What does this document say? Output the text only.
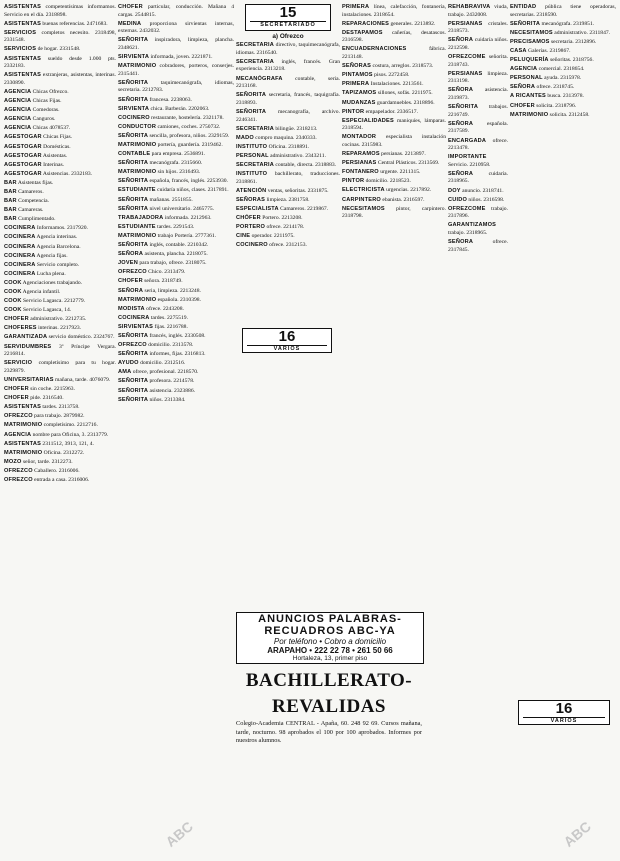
ASISTENTAS competentísimas informamos. Servicio en el día. 2318898.

ASISTENTAS buenas referencias. 2471683.

SERVICIOS completos necesito. 2318498, 2331548.

SERVICIOS de hogar. 2331548.

ASISTENTAS sueldo desde 1.000 pts. 2332183.

ASISTENTAS extranjeras, asistentas, interinas. 2330890.

AGENCIA Chicas Ofrezco.

AGENCIA Chicas Fijas.

AGENCIA Comedoras.

AGENCIA Canguros.

AGENCIA Chicas 4078537.

AGESTOGAR Chicas Fijas.

AGESTOGAR Domésticas.

AGESTOGAR Asistentas.

AGESTOGAR Interinas.

AGESTOGAR Asistencias. 2332183.

BAR Asistentas fijas.

BAR Camareros.

BAR Competencia.

BAR Camareras.

BAR Cumplimentado.

COCINERA Informamos. 2317920.

COCINERA Agencia interinas.

COCINERA Agencia Barcelona.

COCINERA Agencia fijas.

COCINERA Servicio completo.

COCINERA Lucha plena.

COOK Agenciaciones trabajando.

COOK Agencia infantil.

COOK Servicio Lagasca. 2212779.

COOK Servicio Lagasca, 14.

CHOFER administrativo. 2212735.

CHOFERES interinas. 2217923.

GARANTIZADA servicio doméstico. 2324767.

SERVIDUMBRES 3º Príncipe Vergara. 2216814.

SERVICIO completísimo para tu hogar. 2329879.

UNIVERSITARIAS mañana, tarde. 4076079.

CHOFER sin coche. 2215963.

CHOFER pide. 2316540.

ASISTENTAS tardes. 2313758.

OFREZCO para trabajo. 2879982.

MATRIMONIO completísimo. 2212716.

AGENCIA nombre para Oficina, 3. 2313779.

ASISTENTAS 2311512, 3913, 121, 4.

MATRIMONIO Oficina. 2312272.

MOZO señor, tarde. 2312273.

OFREZCO Caballero. 2316006.

OFREZCO entrada a casa. 2316006.

CHOFER particular, conducción. Mañana 4 cargas. 2544815.

MEDINA proporciona sirvientas internas, externas. 2432032.

SEÑORITA inspiradora, limpieza, plancha. 2348621.

SIRVIENTA informada, joven. 2221871.

MATRIMONIO cobradores, porteros, conserjes. 2315441.

SEÑORITA taquimecanógrafa, idiomas, secretaria. 2212783.

SEÑORITA francesa. 2238063.

SIRVIENTA chica. Barberán. 2202063.

COCINERO restaurante, hostelería. 2321178.

CONDUCTOR camiones, coches. 2750732.

SEÑORITA sencilla, profesora, niños. 2329159.

MATRIMONIO portería, guardería. 2319462.

CONTABLE para empresa. 2536891.

SEÑORITA mecanógrafa. 2315660.

MATRIMONIO sin hijos. 2316493.

SEÑORITA española, francés, inglés. 2253930.

ESTUDIANTE cuidaría niños, clases. 2317891.

SEÑORITA mañanas. 2551855.

SEÑORITA nivel universitario. 2465775.

TRABAJADORA informada. 2212963.

ESTUDIANTE tardes. 2291543.

MATRIMONIO trabajo Portería. 2777361.

SEÑORITA inglés, contable. 2210342.

SEÑORA asistenta, plancha. 2218075.

JOVEN para trabajo, ofrece. 2318075.

OFREZCO Chico. 2313479.

CHOFER señora. 2318749.

SEÑORA seria, limpieza. 2213248.

MATRIMONIO española. 2310398.

MODISTA ofrece. 2243208.

COCINERA tardes. 2275519.

SIRVIENTAS fijas. 2216788.

SEÑORITA francés, inglés. 2330508.

OFREZCO domicilio. 2313578.

SEÑORITA informes, fijas. 2316813.

AYUDO domicilio. 2312516.

AMA ofrece, profesional. 2218570.

SEÑORITA profesora. 2214578.

SEÑORITA asistencia. 2323886.

SEÑORITA niños. 2313384.

15
SECRETARIADO
a) Ofrezco

SECRETARIA directivo, taquimecanógrafa, idiomas. 2316540.

SECRETARIA inglés, francés. Gran experiencia. 2313218.

MECANÓGRAFA contable, seria. 2213168.

SEÑORITA secretaria, francés, taquigrafía. 2318893.

SEÑORITA mecanografía, archivo. 2246341.

SECRETARIA bilingüe. 2318213.

MADO compro maquina. 2340333.

INSTITUTO Oficina. 2318891.

PERSONAL administrativo. 2343211.

SECRETARIA contable, directa. 2318883.

INSTITUTO bachillerato, traducciones. 2318861.

ATENCIÓN ventas, señoritas. 2331875.

SEÑORAS limpieza. 2381758.

ESPECIALISTA Camareros. 2219867.

CHÓFER Portero. 2213208.

PORTERO ofrece. 2214178.

CINE operador. 2211975.

COCINERO ofrece. 2312153.

PRIMERA línea, calefacción, fontanería, instalaciones. 2318654.

REPARACIONES generales. 2213892.

DESTAPAMOS cañerías, desatascos. 2316598.

ENCUADERNACIONES fábrica. 2213148.

SEÑORAS costura, arreglos. 2318573.

PINTAMOS pisos. 2272458.

PRIMERA Instalaciones. 2213561.

TAPIZAMOS sillones, sofás. 2211975.

MUDANZAS guardamuebles. 2318896.

PINTOR empapelador. 2336517.

ESPECIALIDADES maniquíes, lámparas. 2318594.

MONTADOR especialista instalación cocinas. 2315983.

REPARAMOS persianas. 2213897.

PERSIANAS Central Plásticos. 2313569.

FONTANERO urgente. 2211315.

PINTOR domicilio. 2218523.

ELECTRICISTA urgencias. 2217892.

CARPINTERO ebanista. 2316597.

NECESITAMOS pintor, carpintero. 2318798.

REHABRAVIVA viuda, trabajo. 2432008.

PERSIANAS cristales. 2318573.

SEÑORA cuidaría niños. 2212598.

OFREZCOME señorita. 2318743.

PERSIANAS limpieza. 2313198.

SEÑORA asistencia. 2319873.

SEÑORITA trabajos. 2216749.

SEÑORA española. 2317589.

ENCARGADA ofrece. 2213478.

IMPORTANTE Servicio. 2210958.

SEÑORA cuidaría. 2318965.

DOY anuncio. 2318741.

CUIDO niños. 2316598.

OFREZCOME trabajo. 2317896.

GARANTIZAMOS trabajo. 2318965.

SEÑORA ofrece. 2317845.

ENTIDAD pública tiene operadoras, secretarias. 2318590.

SEÑORITA mecanógrafa. 2319851.

NECESITAMOS administrativo. 2311847.

PRECISAMOS secretaria. 2312896.

CASA Galerías. 2319867.

PELUQUERÍA señoritas. 2318756.

AGENCIA comercial. 2318654.

PERSONAL ayuda. 2315978.

SEÑORA ofrece. 2318745.

A RICANTES busca. 2313978.

CHOFER solicita. 2318796.

MATRIMONIO solicita. 2312458.

16
VARIOS
16
VARIOS
ANUNCIOS PALABRAS-RECUADROS ABC-YA
Por teléfono • Cobro a domicilio
ARAPAHO • 222 22 78 • 261 50 66
Hortaleza, 13, primer piso
BACHILLERATO-REVALIDAS
Colegio-Academia CENTRAL - Apaña, 60. 248 92 69. Cursos mañana, tarde, nocturno. 98 aprobados el 100 por 100 aprobados. Informes por nuestros alumnos.
ABC	ABC
